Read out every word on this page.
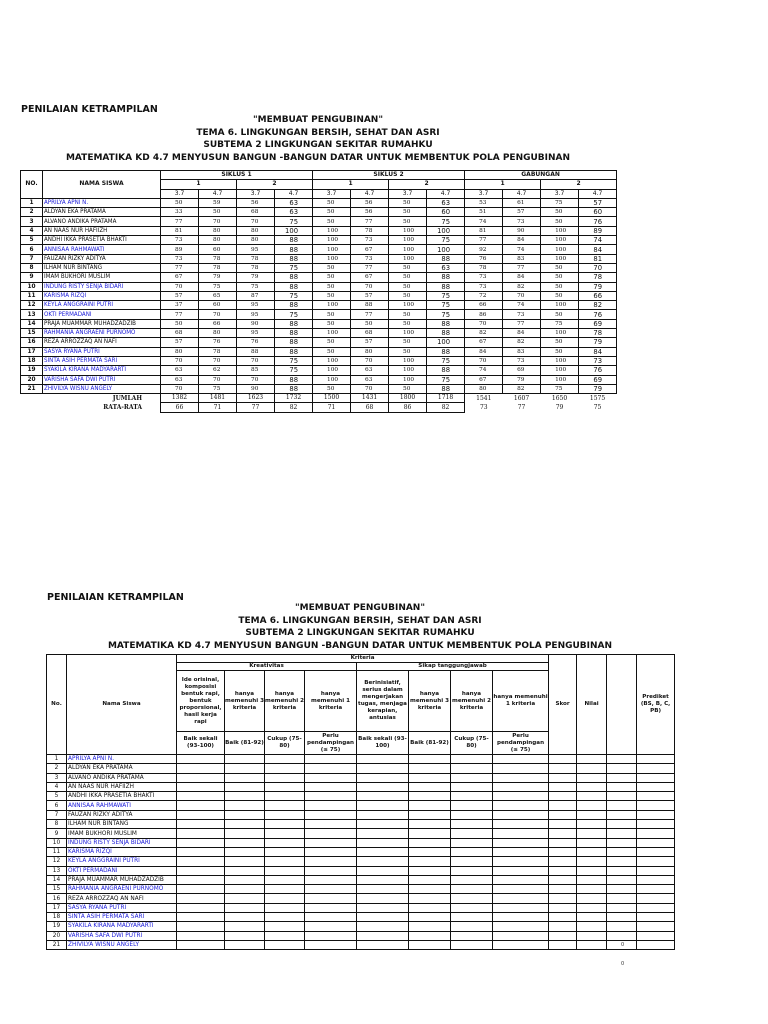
PENILAIAN KETRAMPILAN
"MEMBUAT PENGUBINAN"
TEMA 6. LINGKUNGAN BERSIH, SEHAT DAN ASRI
SUBTEMA 2 LINGKUNGAN SEKITAR RUMAHKU
MATEMATIKA KD 4.7 MENYUSUN BANGUN -BANGUN DATAR UNTUK MEMBENTUK POLA PENGUBINAN
NO.	NAMA SISWA	SIKLUS 1				SIKLUS 2				GABUNGAN			
		1		2		1		2		1		2	
		3.7	4.7	3.7	4.7	3.7	4.7	3.7	4.7	3.7	4.7	3.7	4.7
1	APRILYA APNI N.	50	59	56	63	50	56	50	63	53	61	75	57
2	ALDYAN EKA PRATAMA	33	50	68	63	50	56	50	60	51	57	50	60
3	ALVANO ANDIKA PRATAMA	77	70	70	75	50	77	50	75	74	73	50	76
4	AN NAAS NUR HAFIIZH	81	80	80	100	100	78	100	100	81	90	100	89
5	ANDHI IKKA PRASETIA BHAKTI	73	80	80	88	100	73	100	75	77	84	100	74
6	ANNISAA RAHMAWATI	89	60	95	88	100	67	100	100	92	74	100	84
7	FAUZAN RIZKY ADITYA	73	78	78	88	100	73	100	88	76	83	100	81
8	ILHAM NUR BINTANG	77	78	78	75	50	77	50	63	78	77	50	70
9	IMAM BUKHORI MUSLIM	67	79	79	88	50	67	50	88	73	84	50	78
10	INDUNG RISTY SENJA BIDARI	70	75	75	88	50	70	50	88	73	82	50	79
11	KARISMA RIZQI	57	65	87	75	50	57	50	75	72	70	50	66
12	KEYLA ANGGRAINI PUTRI	37	60	95	88	100	88	100	75	66	74	100	82
13	OKTI PERMADANI	77	70	95	75	50	77	50	75	86	73	50	76
14	PRAJA MUAMMAR MUHADZADZIB	50	66	90	88	50	50	50	88	70	77	75	69
15	RAHMANIA ANGRAENI PURNOMO	68	80	95	88	100	68	100	88	82	84	100	78
16	REZA ARROZZAQ AN NAFI	57	76	76	88	50	57	50	100	67	82	50	79
17	SASYA RYANA PUTRI	80	78	88	88	50	80	50	88	84	83	50	84
18	SINTA ASIH PERMATA SARI	70	70	70	75	100	70	100	75	70	73	100	73
19	SYAKILA KIRANA MADYARARTI	63	62	85	75	100	63	100	88	74	69	100	76
20	VARISHA SAFA DWI PUTRI	63	70	70	88	100	63	100	75	67	79	100	69
21	ZHIVILYA WISNU ANGELY	70	75	90	88	50	70	50	88	80	82	75	79
	JUMLAH	1382	1481	1623	1732	1500	1431	1800	1718	1541	1607	1650	1575
	RATA-RATA	66	71	77	82	71	68	86	82	73	77	79	75
PENILAIAN KETRAMPILAN
"MEMBUAT PENGUBINAN"
TEMA 6. LINGKUNGAN BERSIH, SEHAT DAN ASRI
SUBTEMA 2 LINGKUNGAN SEKITAR RUMAHKU
MATEMATIKA KD 4.7 MENYUSUN BANGUN -BANGUN DATAR UNTUK MEMBENTUK POLA PENGUBINAN
No.	Nama Siswa	Kriteria								Skor	Nilai		Prediket (BS, B, C, PB)
		Kreativitas				Sikap tanggungjawab							
		Ide orisinal, komposisi bentuk rapi, bentuk proporsional, hasil kerja rapi	hanya memenuhi 3 kriteria	hanya memenuhi 2 kriteria	hanya memenuhi 1 kriteria	Berinisiatif, serius dalam mengerjakan tugas, menjaga kerapian, antusias	hanya memenuhi 3 kriteria	hanya memenuhi 2 kriteria	hanya memenuhi 1 kriteria				
		Baik sekali (93-100)	Baik (81-92)	Cukup (75-80)	Perlu pendampingan (≤ 75)	Baik sekali (93-100)	Baik (81-92)	Cukup (75-80)	Perlu pendampingan (≤ 75)				
1	APRILYA APNI N.												
2	ALDYAN EKA PRATAMA												
3	ALVANO ANDIKA PRATAMA												
4	AN NAAS NUR HAFIIZH												
5	ANDHI IKKA PRASETIA BHAKTI												
6	ANNISAA RAHMAWATI												
7	FAUZAN RIZKY ADITYA												
8	ILHAM NUR BINTANG												
9	IMAM BUKHORI MUSLIM												
10	INDUNG RISTY SENJA BIDARI												
11	KARISMA RIZQI												
12	KEYLA ANGGRAINI PUTRI												
13	OKTI PERMADANI												
14	PRAJA MUAMMAR MUHADZADZIB												
15	RAHMANIA ANGRAENI PURNOMO												
16	REZA ARROZZAQ AN NAFI												
17	SASYA RYANA PUTRI												
18	SINTA ASIH PERMATA SARI												
19	SYAKILA KIRANA MADYARARTI												
20	VARISHA SAFA DWI PUTRI												
21	ZHIVILYA WISNU ANGELY													0
0
